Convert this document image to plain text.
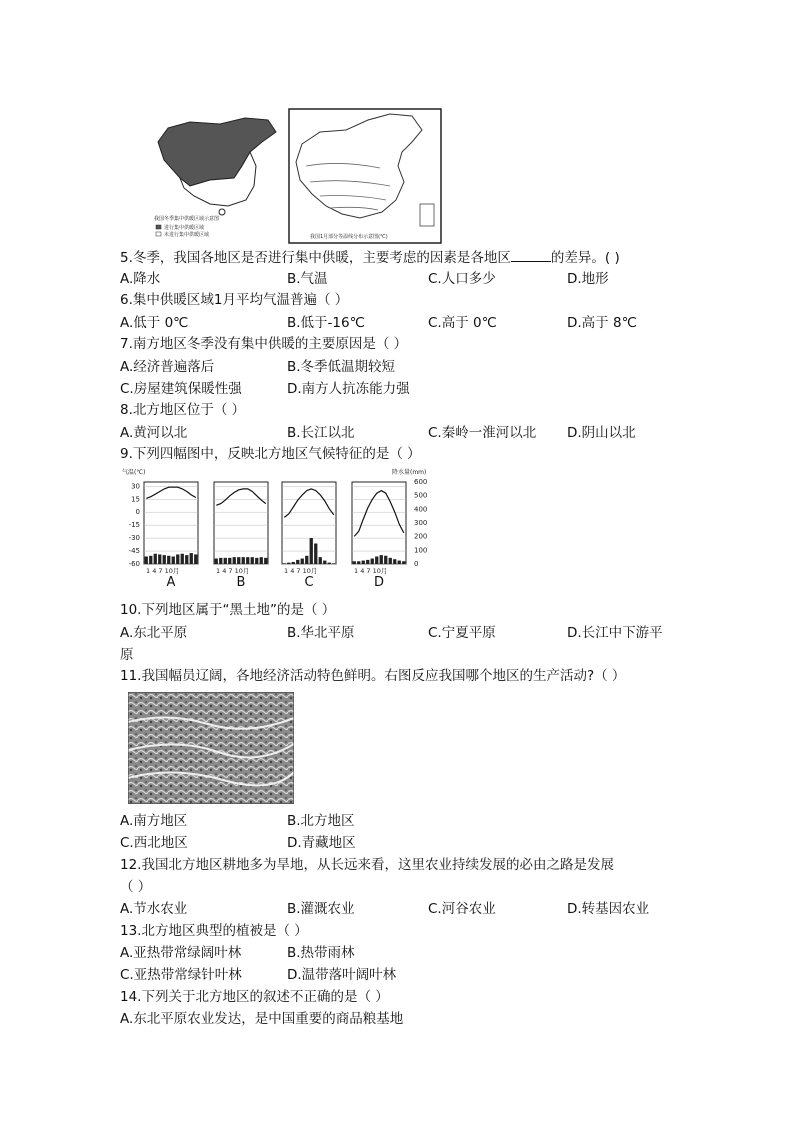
我国冬季集中供暖区域示意图
进行集中供暖区域
未进行集中供暖区域	我国1月部分等温线分布示意图(℃)
5.冬季，我国各地区是否进行集中供暖，主要考虑的因素是各地区	的差异。( )
A.降水	B.气温	C.人口多少	D.地形
6.集中供暖区域1月平均气温普遍（ ）
A.低于 0℃	B.低于-16℃	C.高于 0℃	D.高于 8℃
7.南方地区冬季没有集中供暖的主要原因是（ ）
A.经济普遍落后	B.冬季低温期较短
C.房屋建筑保暖性强	D.南方人抗冻能力强
8.北方地区位于（ ）
A.黄河以北	B.长江以北	C.秦岭一淮河以北 D.阴山以北
9.下列四幅图中，反映北方地区气候特征的是（ ）
气温(℃)	降水量(mm)
30
15
0
-15
-30
-45
-60
600
500
400
300
200
100
0
1 4 7 10月
A
1 4 7 10月
B
1 4 7 10月
C
1 4 7 10月
D
10.下列地区属于“黑土地”的是（ ）
A.东北平原	B.华北平原	C.宁夏平原	D.长江中下游平
原
11.我国幅员辽阔，各地经济活动特色鲜明。右图反应我国哪个地区的生产活动?（ ）
A.南方地区	B.北方地区
C.西北地区	D.青藏地区
12.我国北方地区耕地多为旱地，从长远来看，这里农业持续发展的必由之路是发展
（ ）
A.节水农业	B.灌溉农业	C.河谷农业	D.转基因农业
13.北方地区典型的植被是（ ）
A.亚热带常绿阔叶林	B.热带雨林
C.亚热带常绿针叶林	D.温带落叶阔叶林
14.下列关于北方地区的叙述不正确的是（ ）
A.东北平原农业发达，是中国重要的商品粮基地
